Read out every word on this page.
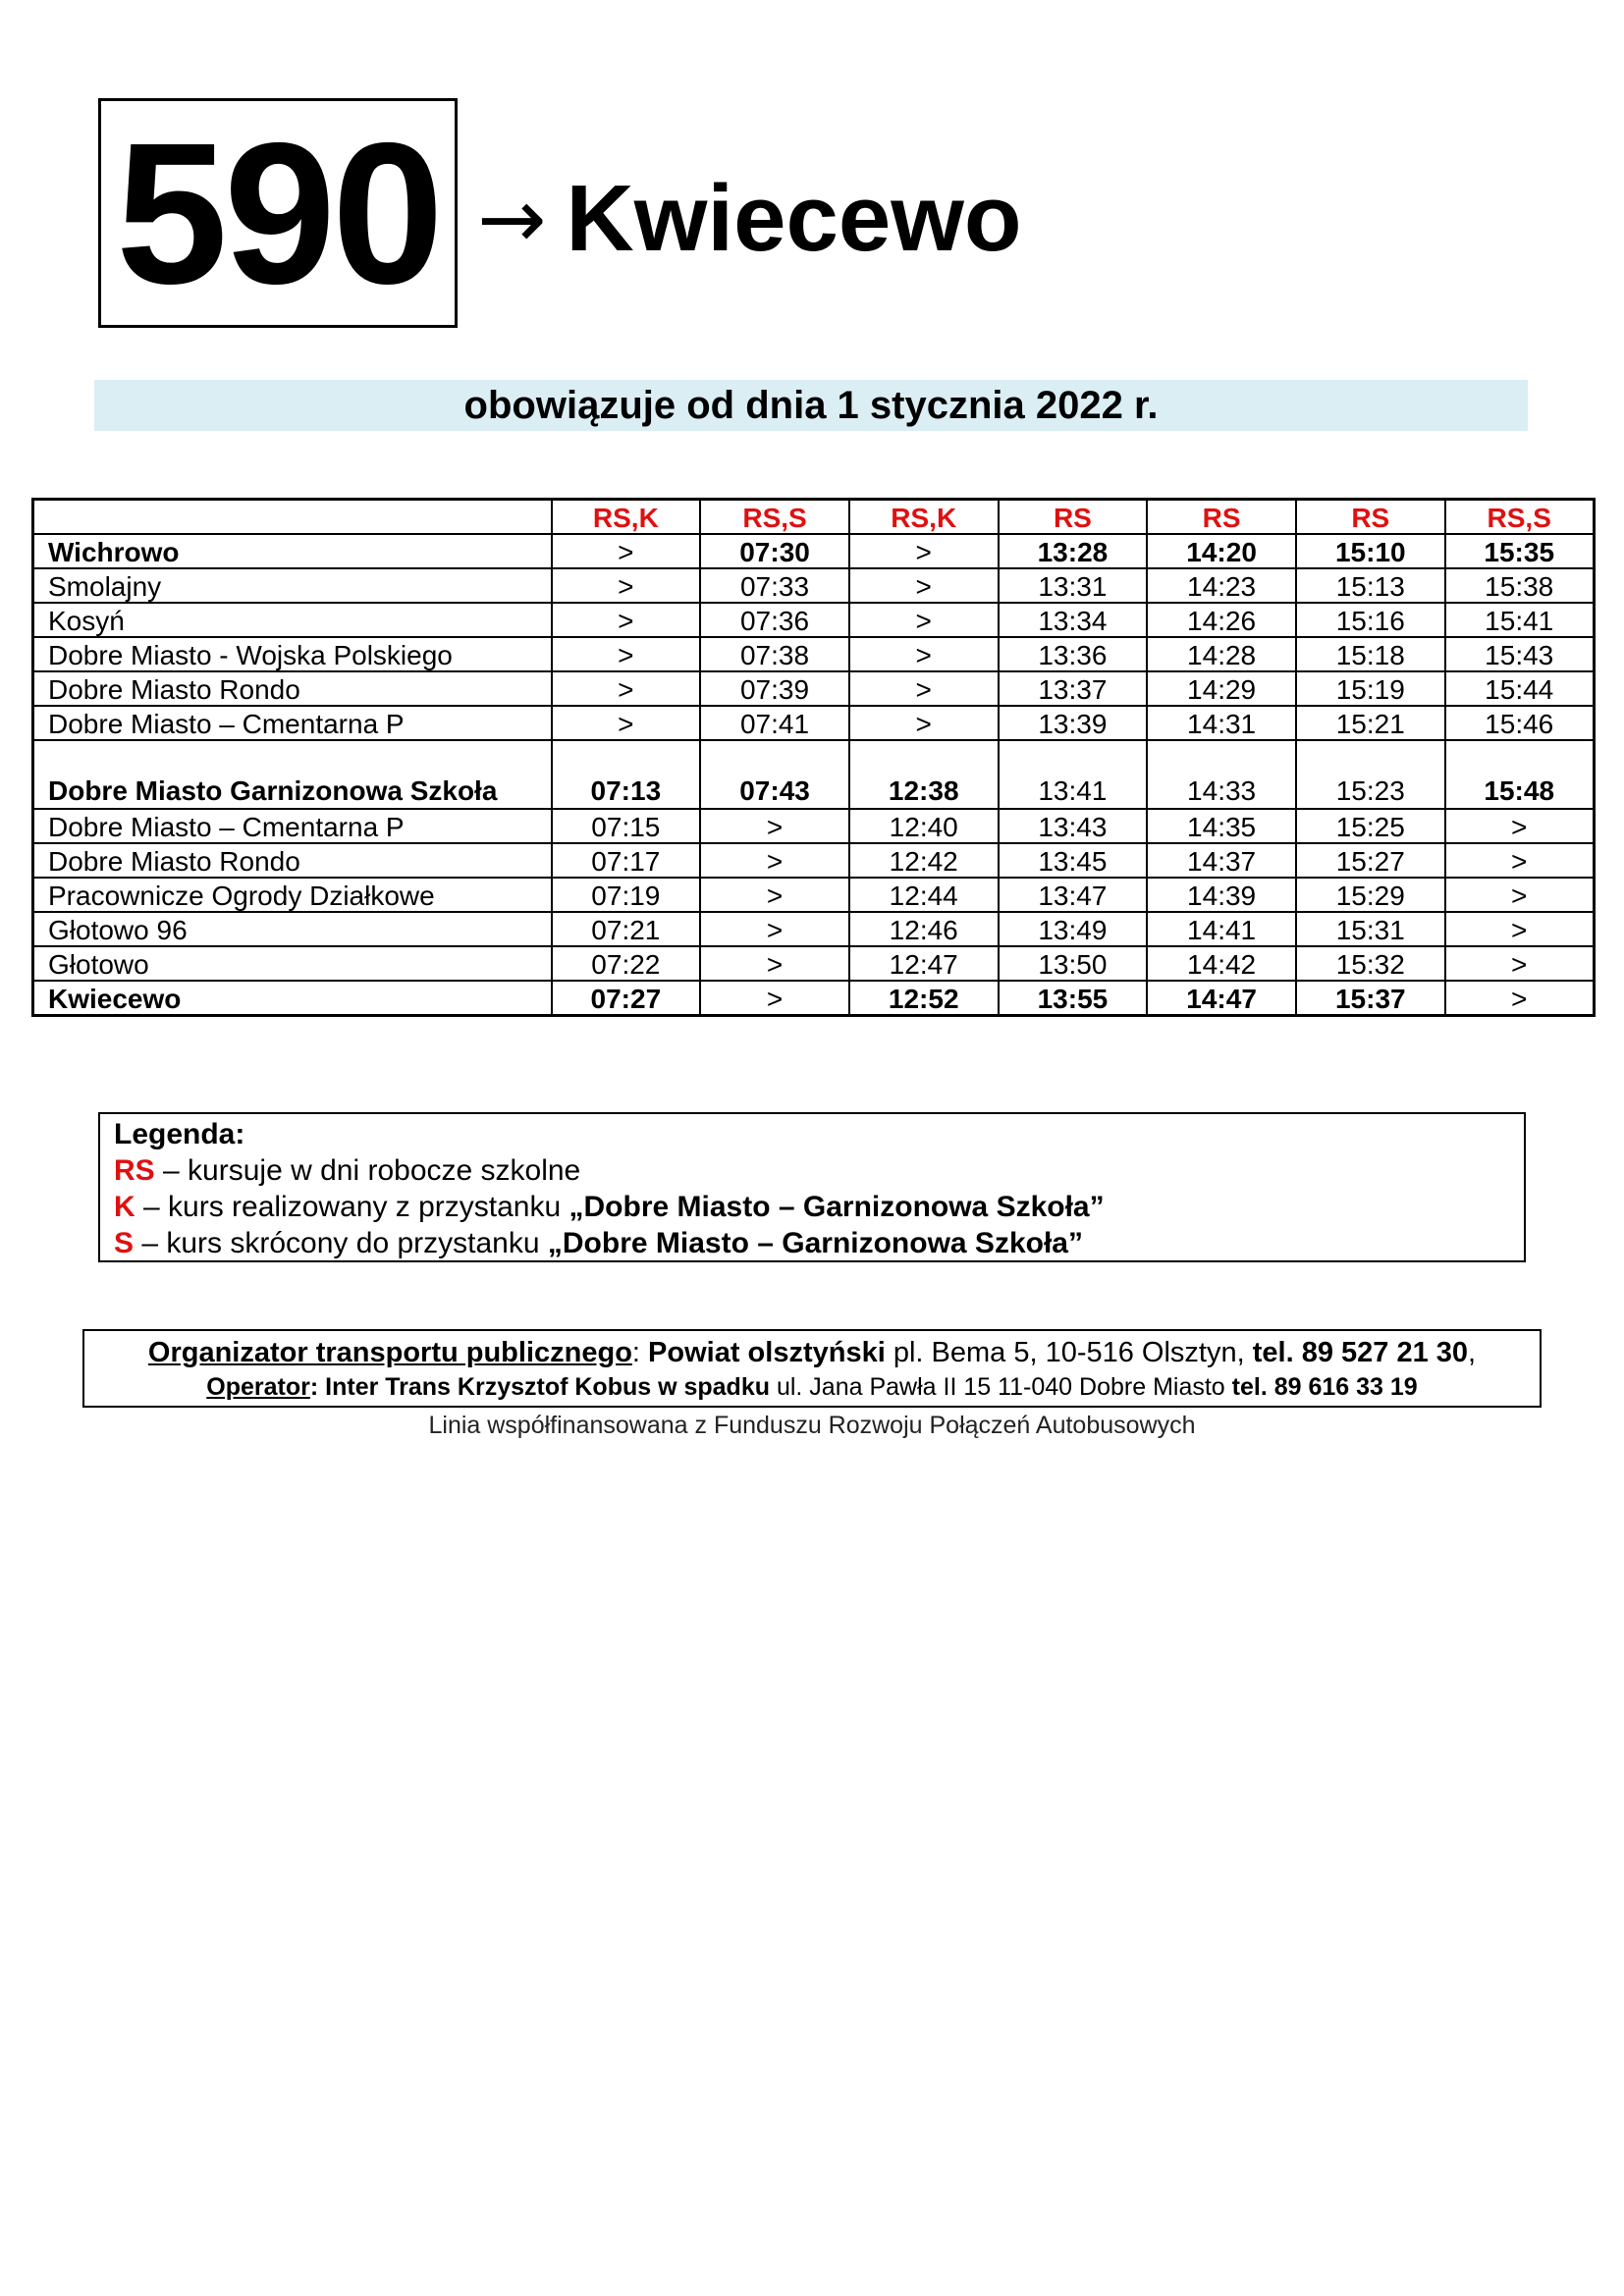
590 → Kwiecewo
obowiązuje od dnia 1 stycznia 2022 r.
	RS,K	RS,S	RS,K	RS	RS	RS	RS,S
Wichrowo	>	07:30	>	13:28	14:20	15:10	15:35
Smolajny	>	07:33	>	13:31	14:23	15:13	15:38
Kosyń	>	07:36	>	13:34	14:26	15:16	15:41
Dobre Miasto - Wojska Polskiego	>	07:38	>	13:36	14:28	15:18	15:43
Dobre Miasto Rondo	>	07:39	>	13:37	14:29	15:19	15:44
Dobre Miasto – Cmentarna P	>	07:41	>	13:39	14:31	15:21	15:46
Dobre Miasto Garnizonowa Szkoła	07:13	07:43	12:38	13:41	14:33	15:23	15:48
Dobre Miasto – Cmentarna P	07:15	>	12:40	13:43	14:35	15:25	>
Dobre Miasto Rondo	07:17	>	12:42	13:45	14:37	15:27	>
Pracownicze Ogrody Działkowe	07:19	>	12:44	13:47	14:39	15:29	>
Głotowo 96	07:21	>	12:46	13:49	14:41	15:31	>
Głotowo	07:22	>	12:47	13:50	14:42	15:32	>
Kwiecewo	07:27	>	12:52	13:55	14:47	15:37	>
Legenda:
RS – kursuje w dni robocze szkolne
K – kurs realizowany z przystanku „Dobre Miasto – Garnizonowa Szkoła”
S – kurs skrócony do przystanku „Dobre Miasto – Garnizonowa Szkoła”
Organizator transportu publicznego: Powiat olsztyński pl. Bema 5, 10-516 Olsztyn, tel. 89 527 21 30,
Operator: Inter Trans Krzysztof Kobus w spadku ul. Jana Pawła II 15 11-040 Dobre Miasto tel. 89 616 33 19
Linia współfinansowana z Funduszu Rozwoju Połączeń Autobusowych
